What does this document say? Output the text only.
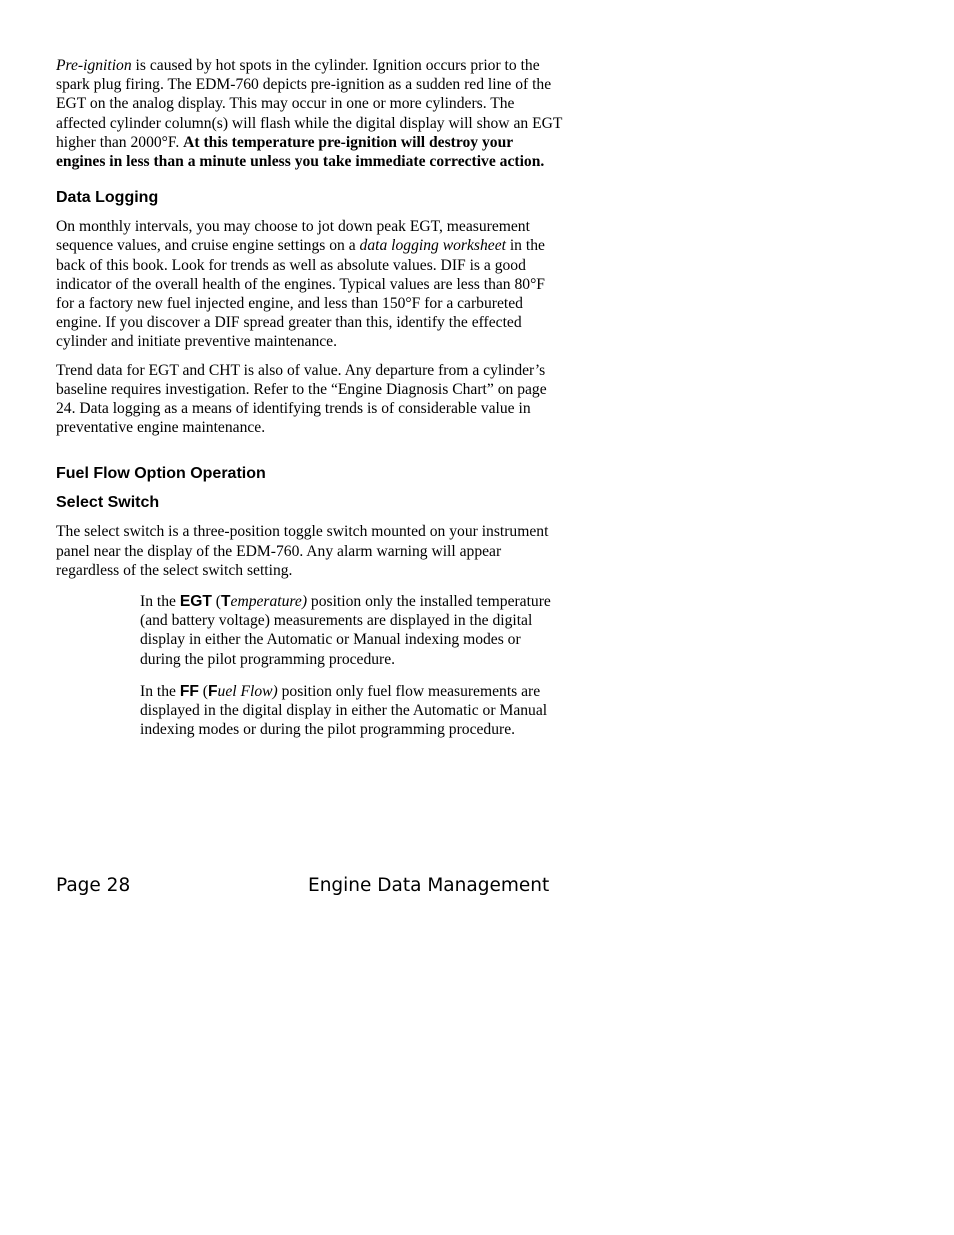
Pre-ignition is caused by hot spots in the cylinder. Ignition occurs prior to the spark plug firing. The EDM-760 depicts pre-ignition as a sudden red line of the EGT on the analog display. This may occur in one or more cylinders. The affected cylinder column(s) will flash while the digital display will show an EGT higher than 2000°F. At this temperature pre-ignition will destroy your engines in less than a minute unless you take immediate corrective action.

Data Logging

On monthly intervals, you may choose to jot down peak EGT, measurement sequence values, and cruise engine settings on a data logging worksheet in the back of this book. Look for trends as well as absolute values. DIF is a good indicator of the overall health of the engines. Typical values are less than 80°F for a factory new fuel injected engine, and less than 150°F for a carbureted engine. If you discover a DIF spread greater than this, identify the effected cylinder and initiate preventive maintenance.

Trend data for EGT and CHT is also of value. Any departure from a cylinder’s baseline requires investigation. Refer to the “Engine Diagnosis Chart” on page 24. Data logging as a means of identifying trends is of considerable value in preventative engine maintenance.

Fuel Flow Option Operation
Select Switch

The select switch is a three-position toggle switch mounted on your instrument panel near the display of the EDM-760. Any alarm warning will appear regardless of the select switch setting.

In the EGT (Temperature) position only the installed temperature (and battery voltage) measurements are displayed in the digital display in either the Automatic or Manual indexing modes or during the pilot programming procedure.

In the FF (Fuel Flow) position only fuel flow measurements are displayed in the digital display in either the Automatic or Manual indexing modes or during the pilot programming procedure.

Page 28	Engine Data Management
